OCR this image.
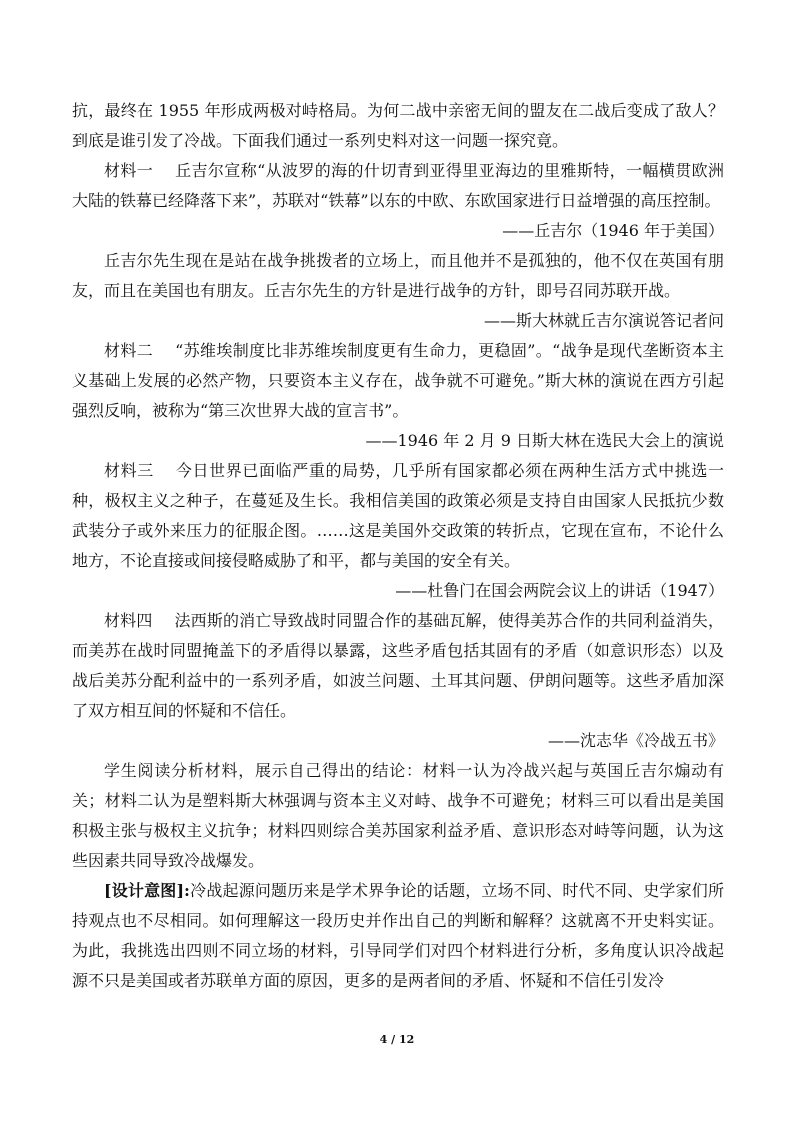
抗，最终在 1955 年形成两极对峙格局。为何二战中亲密无间的盟友在二战后变成了敌人？到底是谁引发了冷战。下面我们通过一系列史料对这一问题一探究竟。

材料一 丘吉尔宣称“从波罗的海的什切青到亚得里亚海边的里雅斯特，一幅横贯欧洲大陆的铁幕已经降落下来”，苏联对“铁幕”以东的中欧、东欧国家进行日益增强的高压控制。

——丘吉尔（1946 年于美国）

丘吉尔先生现在是站在战争挑拨者的立场上，而且他并不是孤独的，他不仅在英国有朋友，而且在美国也有朋友。丘吉尔先生的方针是进行战争的方针，即号召同苏联开战。

——斯大林就丘吉尔演说答记者问

材料二 “苏维埃制度比非苏维埃制度更有生命力，更稳固”。“战争是现代垄断资本主义基础上发展的必然产物，只要资本主义存在，战争就不可避免。”斯大林的演说在西方引起强烈反响，被称为“第三次世界大战的宣言书”。

——1946 年 2 月 9 日斯大林在选民大会上的演说

材料三 今日世界已面临严重的局势，几乎所有国家都必须在两种生活方式中挑选一种，极权主义之种子，在蔓延及生长。我相信美国的政策必须是支持自由国家人民抵抗少数武装分子或外来压力的征服企图。……这是美国外交政策的转折点，它现在宣布，不论什么地方，不论直接或间接侵略威胁了和平，都与美国的安全有关。

——杜鲁门在国会两院会议上的讲话（1947）

材料四 法西斯的消亡导致战时同盟合作的基础瓦解，使得美苏合作的共同利益消失，而美苏在战时同盟掩盖下的矛盾得以暴露，这些矛盾包括其固有的矛盾（如意识形态）以及战后美苏分配利益中的一系列矛盾，如波兰问题、土耳其问题、伊朗问题等。这些矛盾加深了双方相互间的怀疑和不信任。

——沈志华《冷战五书》

学生阅读分析材料，展示自己得出的结论：材料一认为冷战兴起与英国丘吉尔煽动有关；材料二认为是塑料斯大林强调与资本主义对峙、战争不可避免；材料三可以看出是美国积极主张与极权主义抗争；材料四则综合美苏国家利益矛盾、意识形态对峙等问题，认为这些因素共同导致冷战爆发。

[设计意图]:冷战起源问题历来是学术界争论的话题，立场不同、时代不同、史学家们所持观点也不尽相同。如何理解这一段历史并作出自己的判断和解释？这就离不开史料实证。为此，我挑选出四则不同立场的材料，引导同学们对四个材料进行分析，多角度认识冷战起源不只是美国或者苏联单方面的原因，更多的是两者间的矛盾、怀疑和不信任引发冷

4 / 12
